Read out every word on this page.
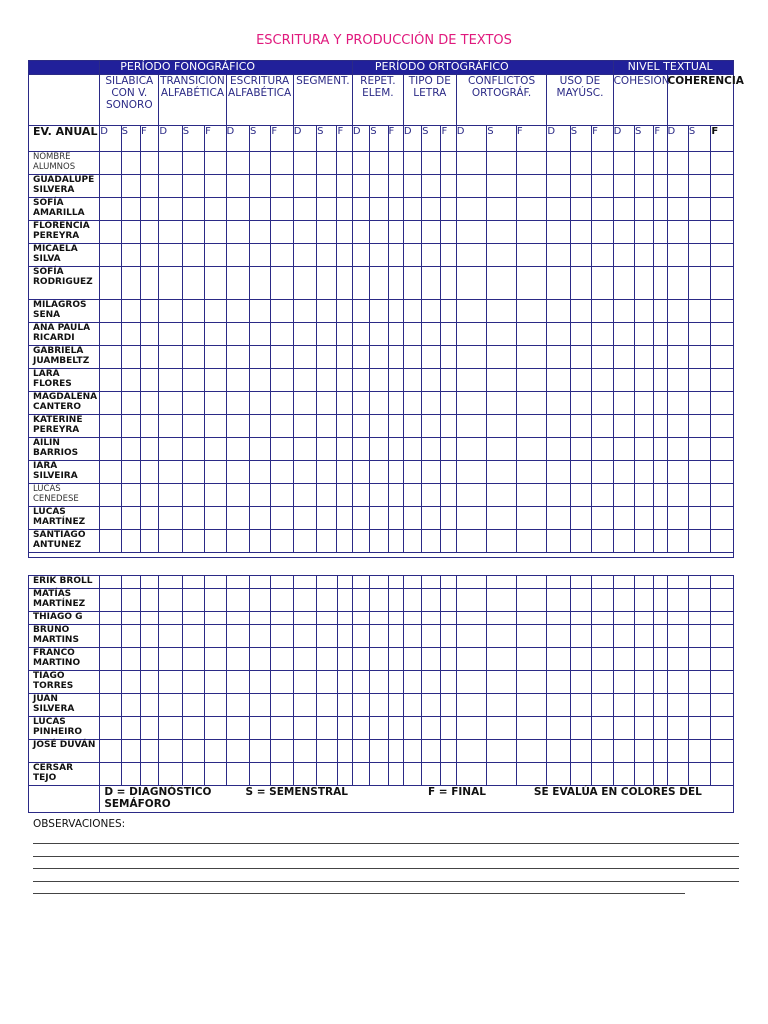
ESCRITURA Y PRODUCCIÓN DE TEXTOS
	PERÍODO FONOGRÁFICO												PERÍODO ORTOGRÁFICO												NIVEL TEXTUAL					
	SILABICA CON V. SONORO			TRANSICIÓN ALFABÉTICA			ESCRITURA ALFABÉTICA			SEGMENT.			REPET. ELEM.			TIPO DE LETRA			CONFLICTOS ORTOGRÁF.			USO DE MAYÚSC.			COHESIÓN			COHERENCIA		
EV. ANUAL	D	S	F	D	S	F	D	S	F	D	S	F	D	S	F	D	S	F	D	S	F	D	S	F	D	S	F	D	S	F
NOMBRE ALUMNOS																														
GUADALUPE SILVERA																														
SOFÍA AMARILLA																														
FLORENCIA PEREYRA																														
MICAELA SILVA																														
SOFÍA RODRIGUEZ																														
MILAGROS SENA																														
ANA PAULA RICARDI																														
GABRIELA JUAMBELTZ																														
LARA FLORES																														
MAGDALENA CANTERO																														
KATERINE PEREYRA																														
AILIN BARRIOS																														
IARA SILVEIRA																														
LUCAS CENEDESE																														
LUCAS MARTÍNEZ																														
SANTIAGO ANTUNEZ																														

ERIK BROLL																														
MATÍAS MARTÍNEZ																														
THIAGO G																														
BRUNO MARTINS																														
FRANCO MARTINO																														
TIAGO TORRES																														
JUAN SILVERA																														
LUCAS PINHEIRO																														
JOSÉ DUVÁN																														
CERSAR TEJO																														
	D = DIAGNÓSTICO S = SEMENSTRAL F = FINAL SE EVALÚA EN COLORES DEL SEMÁFORO																													
OBSERVACIONES:
